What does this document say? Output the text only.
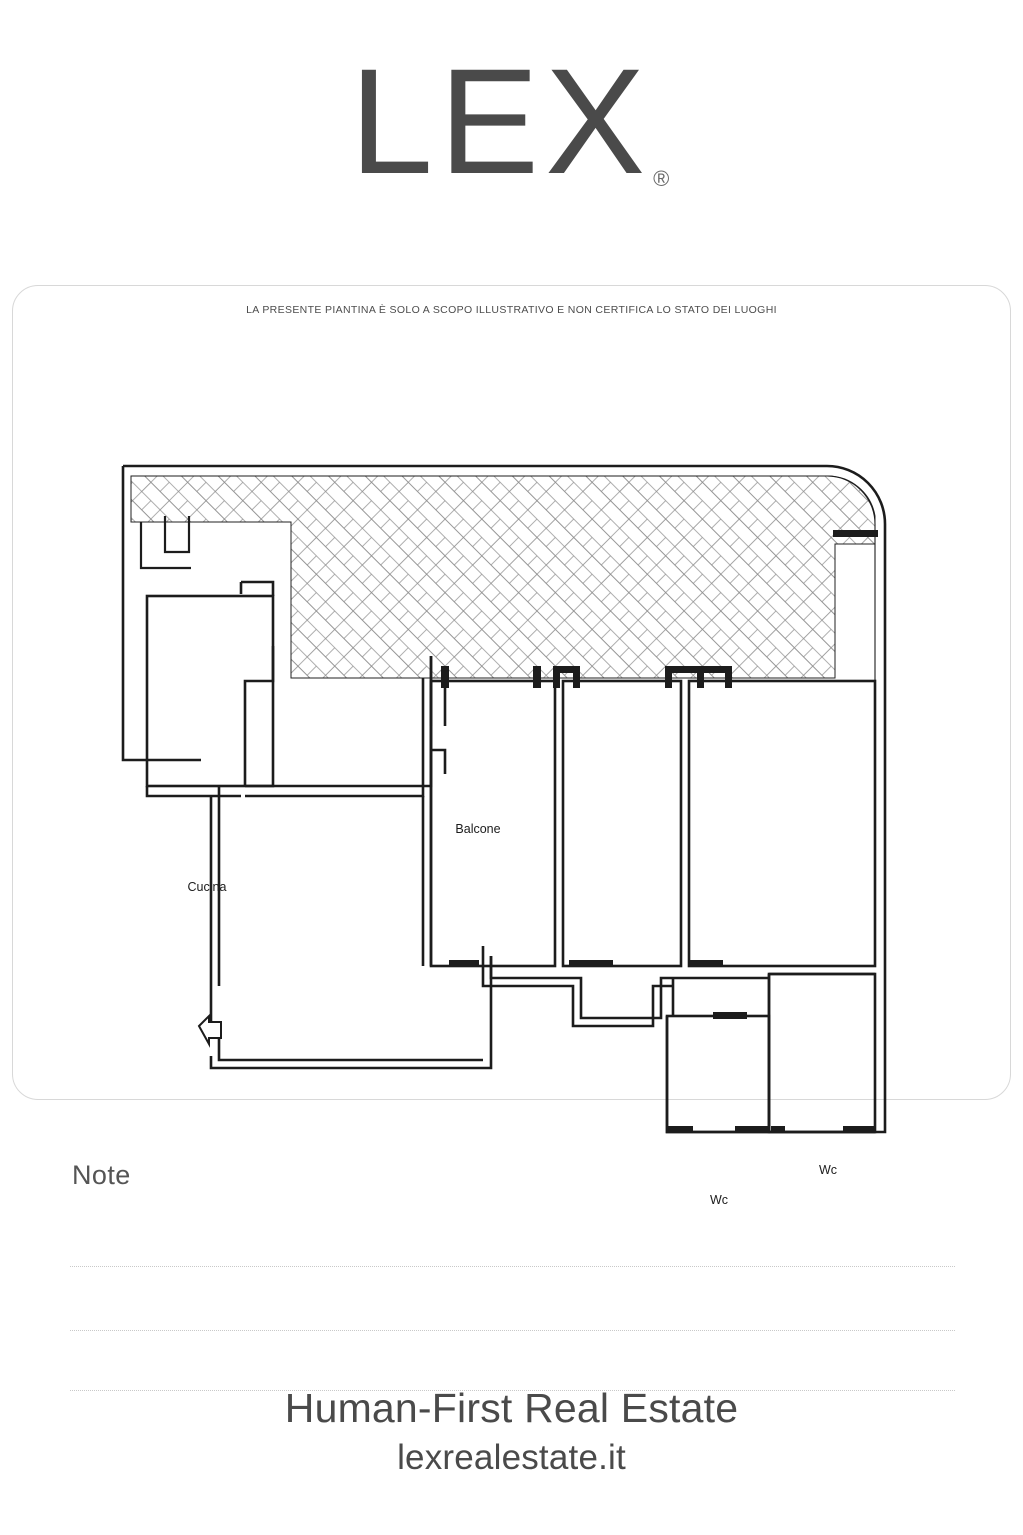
LEX®
LA PRESENTE PIANTINA È SOLO A SCOPO ILLUSTRATIVO E NON CERTIFICA LO STATO DEI LUOGHI
Balcone
Cucina
Wc
Wc
Note
Human-First Real Estate
lexrealestate.it
